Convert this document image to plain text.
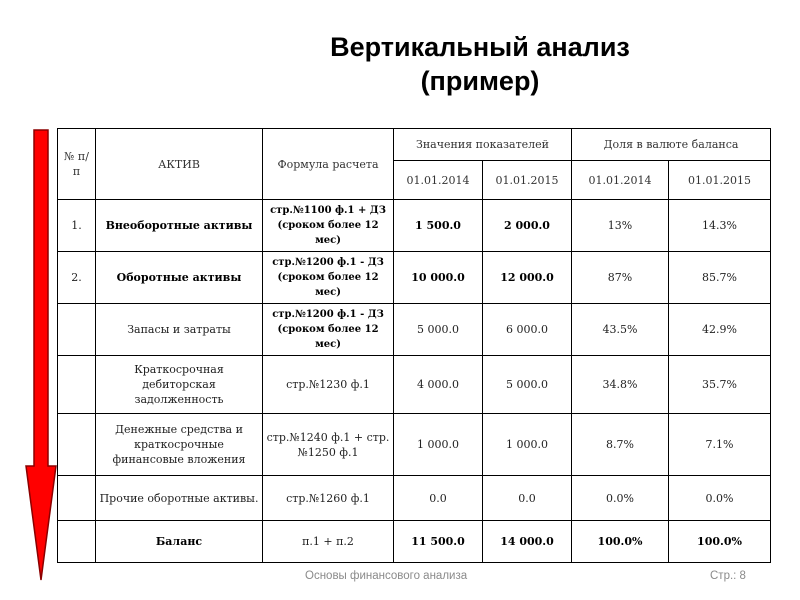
Вертикальный анализ
(пример)
№ п/п	АКТИВ	Формула расчета	Значения показателей		Доля в валюте баланса	
			01.01.2014	01.01.2015	01.01.2014	01.01.2015
1.	Внеоборотные активы	стр.№1100 ф.1 + ДЗ (сроком более 12 мес)	1 500.0	2 000.0	13%	14.3%
2.	Оборотные активы	стр.№1200 ф.1 - ДЗ (сроком более 12 мес)	10 000.0	12 000.0	87%	85.7%
	Запасы и затраты	стр.№1200 ф.1 - ДЗ (сроком более 12 мес)	5 000.0	6 000.0	43.5%	42.9%
	Краткосрочная дебиторская задолженность	стр.№1230 ф.1	4 000.0	5 000.0	34.8%	35.7%
	Денежные средства и краткосрочные финансовые вложения	стр.№1240 ф.1 + стр.№1250 ф.1	1 000.0	1 000.0	8.7%	7.1%
	Прочие оборотные активы.	стр.№1260 ф.1	0.0	0.0	0.0%	0.0%
	Баланс	п.1 + п.2	11 500.0	14 000.0	100.0%	100.0%
Основы финансового анализа	Стр.: 8
